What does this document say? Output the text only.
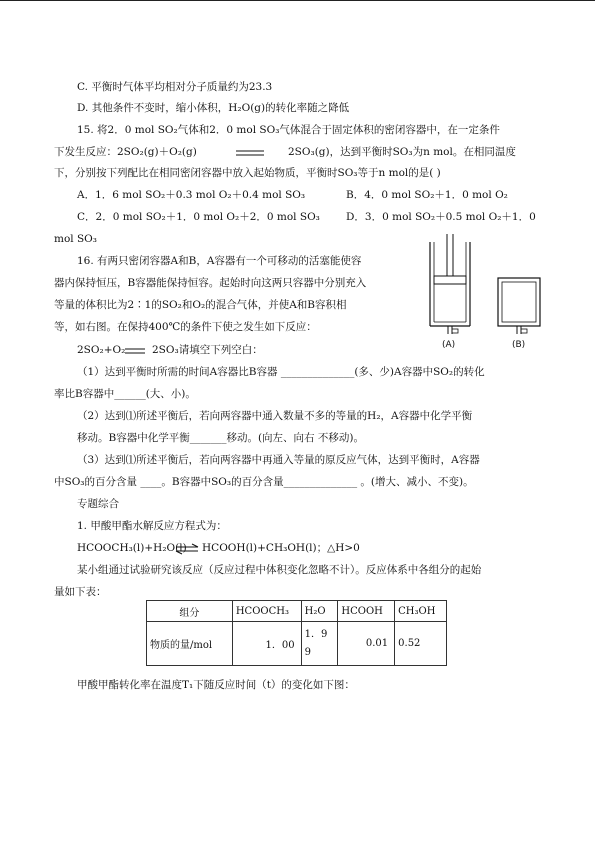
C. 平衡时气体平均相对分子质量约为23.3
D. 其他条件不变时，缩小体积，H₂O(g)的转化率随之降低
15. 将2．0 mol SO₂气体和2．0 mol SO₃气体混合于固定体积的密闭容器中，在一定条件
下发生反应：2SO₂(g)＋O₂(g)	2SO₃(g)，达到平衡时SO₃为n mol。在相同温度
下，分别按下列配比在相同密闭容器中放入起始物质，平衡时SO₃等于n mol的是( )
A．1．6 mol SO₂＋0.3 mol O₂＋0.4 mol SO₃	B．4．0 mol SO₂＋1．0 mol O₂
C．2．0 mol SO₂＋1．0 mol O₂＋2．0 mol SO₃ D．3．0 mol SO₂＋0.5 mol O₂＋1．0
mol SO₃
16. 有两只密闭容器A和B，A容器有一个可移动的活塞能使容
器内保持恒压，B容器能保持恒容。起始时向这两只容器中分别充入
等量的体积比为2∶1的SO₂和O₂的混合气体，并使A和B容积相
等，如右图。在保持400℃的条件下使之发生如下反应：
(A)	(B)
2SO₂+O₂	2SO₃请填空下列空白：
（1）达到平衡时所需的时间A容器比B容器 ______________(多、少)A容器中SO₂的转化
率比B容器中______(大、小)。
（2）达到⑴所述平衡后，若向两容器中通入数量不多的等量的H₂，A容器中化学平衡
移动。B容器中化学平衡_______移动。(向左、向右 不移动)。
（3）达到⑴所述平衡后，若向两容器中再通入等量的原反应气体，达到平衡时，A容器
中SO₃的百分含量 ____。B容器中SO₃的百分含量______________ 。(增大、减小、不变)。
专题综合
1. 甲酸甲酯水解反应方程式为：
HCOOCH₃(l)+H₂O(l) ⇌ HCOOH(l)+CH₃OH(l)；△H>0
某小组通过试验研究该反应（反应过程中体积变化忽略不计）。反应体系中各组分的起始
量如下表：
组分	HCOOCH₃	H₂O	HCOOH	CH₃OH
物质的量/mol	1．00	1．9
9	0.01	0.52
甲酸甲酯转化率在温度T₁下随反应时间（t）的变化如下图：
